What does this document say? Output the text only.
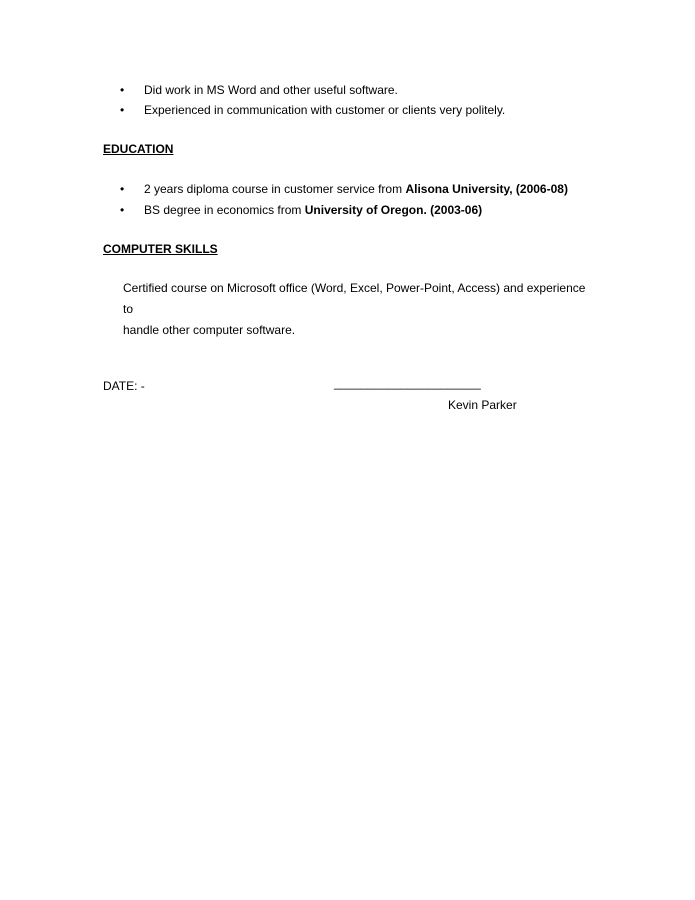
• Did work in MS Word and other useful software.
• Experienced in communication with customer or clients very politely.
EDUCATION
• 2 years diploma course in customer service from Alisona University, (2006-08)
• BS degree in economics from University of Oregon. (2003-06)
COMPUTER SKILLS
Certified course on Microsoft office (Word, Excel, Power-Point, Access) and experience to
handle other computer software.
DATE: -	______________________
Kevin Parker
